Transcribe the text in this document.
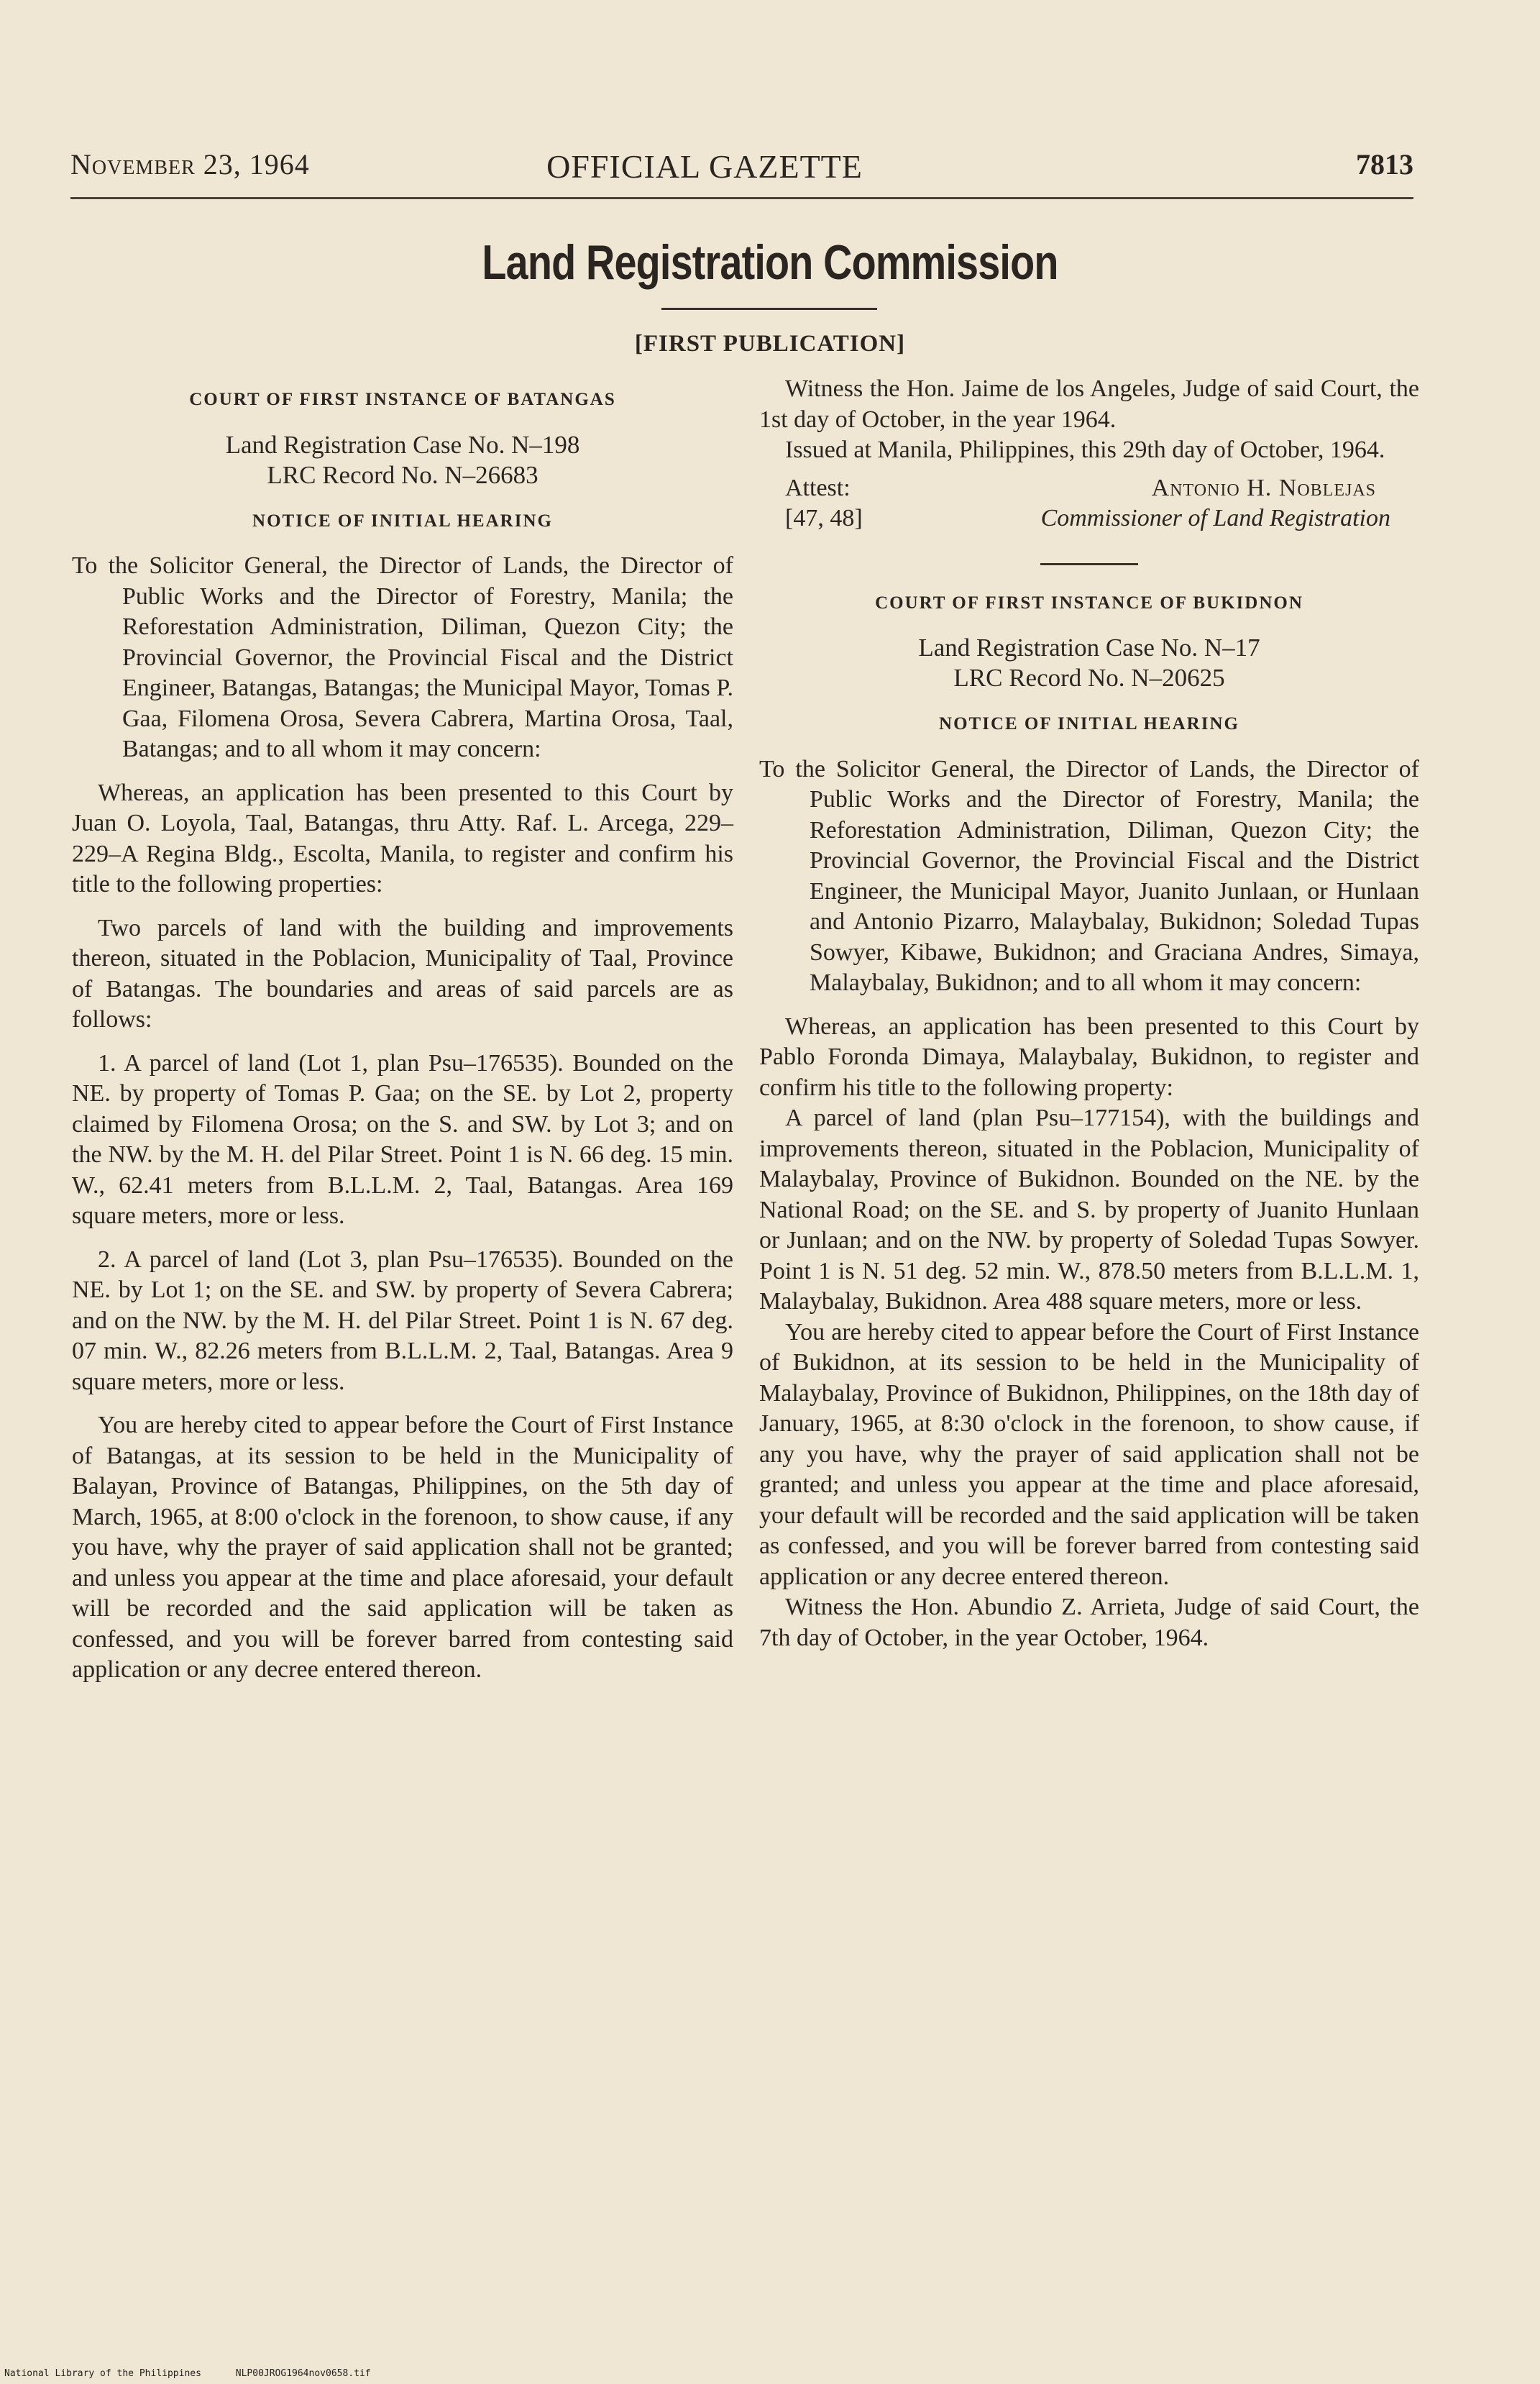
November 23, 1964	OFFICIAL GAZETTE	7813
Land Registration Commission
[FIRST PUBLICATION]
COURT OF FIRST INSTANCE OF BATANGAS
Land Registration Case No. N–198
LRC Record No. N–26683
NOTICE OF INITIAL HEARING

To the Solicitor General, the Director of Lands, the Director of Public Works and the Director of Forestry, Manila; the Reforestation Administration, Diliman, Quezon City; the Provincial Governor, the Provincial Fiscal and the District Engineer, Batangas, Batangas; the Municipal Mayor, Tomas P. Gaa, Filomena Orosa, Severa Cabrera, Martina Orosa, Taal, Batangas; and to all whom it may concern:

Whereas, an application has been presented to this Court by Juan O. Loyola, Taal, Batangas, thru Atty. Raf. L. Arcega, 229–229–A Regina Bldg., Escolta, Manila, to register and confirm his title to the following properties:

Two parcels of land with the building and improvements thereon, situated in the Poblacion, Municipality of Taal, Province of Batangas. The boundaries and areas of said parcels are as follows:

1. A parcel of land (Lot 1, plan Psu–176535). Bounded on the NE. by property of Tomas P. Gaa; on the SE. by Lot 2, property claimed by Filomena Orosa; on the S. and SW. by Lot 3; and on the NW. by the M. H. del Pilar Street. Point 1 is N. 66 deg. 15 min. W., 62.41 meters from B.L.L.M. 2, Taal, Batangas. Area 169 square meters, more or less.

2. A parcel of land (Lot 3, plan Psu–176535). Bounded on the NE. by Lot 1; on the SE. and SW. by property of Severa Cabrera; and on the NW. by the M. H. del Pilar Street. Point 1 is N. 67 deg. 07 min. W., 82.26 meters from B.L.L.M. 2, Taal, Batangas. Area 9 square meters, more or less.

You are hereby cited to appear before the Court of First Instance of Batangas, at its session to be held in the Municipality of Balayan, Province of Batangas, Philippines, on the 5th day of March, 1965, at 8:00 o'clock in the forenoon, to show cause, if any you have, why the prayer of said application shall not be granted; and unless you appear at the time and place aforesaid, your default will be recorded and the said application will be taken as confessed, and you will be forever barred from contesting said application or any decree entered thereon.

Witness the Hon. Jaime de los Angeles, Judge of said Court, the 1st day of October, in the year 1964.

Issued at Manila, Philippines, this 29th day of October, 1964.

Attest:	Antonio H. Noblejas
[47, 48]	Commissioner of Land Registration
COURT OF FIRST INSTANCE OF BUKIDNON
Land Registration Case No. N–17
LRC Record No. N–20625
NOTICE OF INITIAL HEARING

To the Solicitor General, the Director of Lands, the Director of Public Works and the Director of Forestry, Manila; the Reforestation Administration, Diliman, Quezon City; the Provincial Governor, the Provincial Fiscal and the District Engineer, the Municipal Mayor, Juanito Junlaan, or Hunlaan and Antonio Pizarro, Malaybalay, Bukidnon; Soledad Tupas Sowyer, Kibawe, Bukidnon; and Graciana Andres, Simaya, Malaybalay, Bukidnon; and to all whom it may concern:

Whereas, an application has been presented to this Court by Pablo Foronda Dimaya, Malaybalay, Bukidnon, to register and confirm his title to the following property:

A parcel of land (plan Psu–177154), with the buildings and improvements thereon, situated in the Poblacion, Municipality of Malaybalay, Province of Bukidnon. Bounded on the NE. by the National Road; on the SE. and S. by property of Juanito Hunlaan or Junlaan; and on the NW. by property of Soledad Tupas Sowyer. Point 1 is N. 51 deg. 52 min. W., 878.50 meters from B.L.L.M. 1, Malaybalay, Bukidnon. Area 488 square meters, more or less.

You are hereby cited to appear before the Court of First Instance of Bukidnon, at its session to be held in the Municipality of Malaybalay, Province of Bukidnon, Philippines, on the 18th day of January, 1965, at 8:30 o'clock in the forenoon, to show cause, if any you have, why the prayer of said application shall not be granted; and unless you appear at the time and place aforesaid, your default will be recorded and the said application will be taken as confessed, and you will be forever barred from contesting said application or any decree entered thereon.

Witness the Hon. Abundio Z. Arrieta, Judge of said Court, the 7th day of October, in the year October, 1964.

National Library of the Philippines	NLP00JROG1964nov0658.tif
